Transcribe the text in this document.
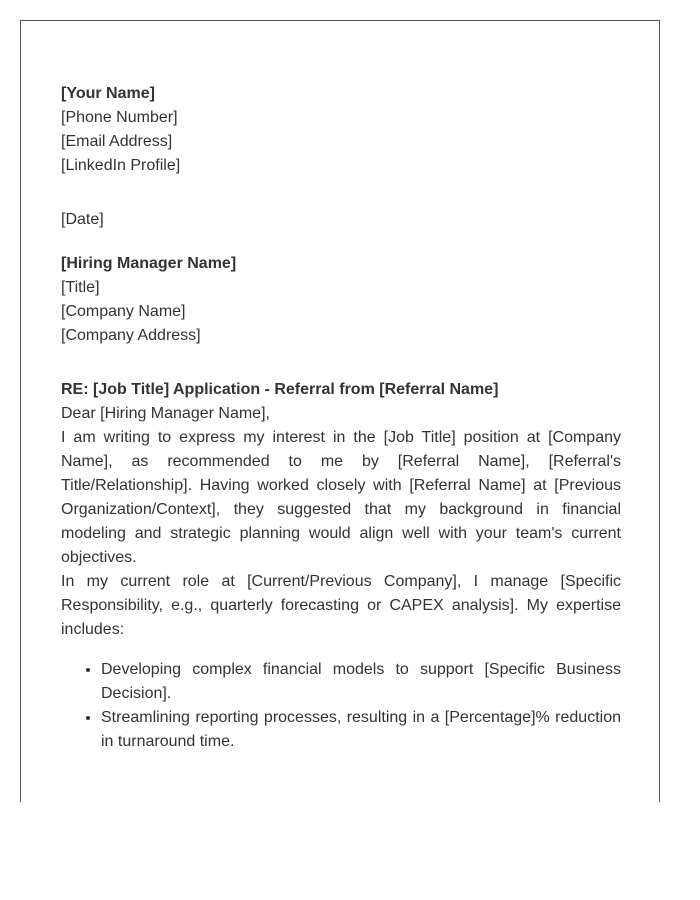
[Your Name]
[Phone Number]
[Email Address]
[LinkedIn Profile]
[Date]
[Hiring Manager Name]
[Title]
[Company Name]
[Company Address]
RE: [Job Title] Application - Referral from [Referral Name]

Dear [Hiring Manager Name],

I am writing to express my interest in the [Job Title] position at [Company Name], as recommended to me by [Referral Name], [Referral's Title/Relationship]. Having worked closely with [Referral Name] at [Previous Organization/Context], they suggested that my background in financial modeling and strategic planning would align well with your team's current objectives.

In my current role at [Current/Previous Company], I manage [Specific Responsibility, e.g., quarterly forecasting or CAPEX analysis]. My expertise includes:

• Developing complex financial models to support [Specific Business Decision].
• Streamlining reporting processes, resulting in a [Percentage]% reduction in turnaround time.
